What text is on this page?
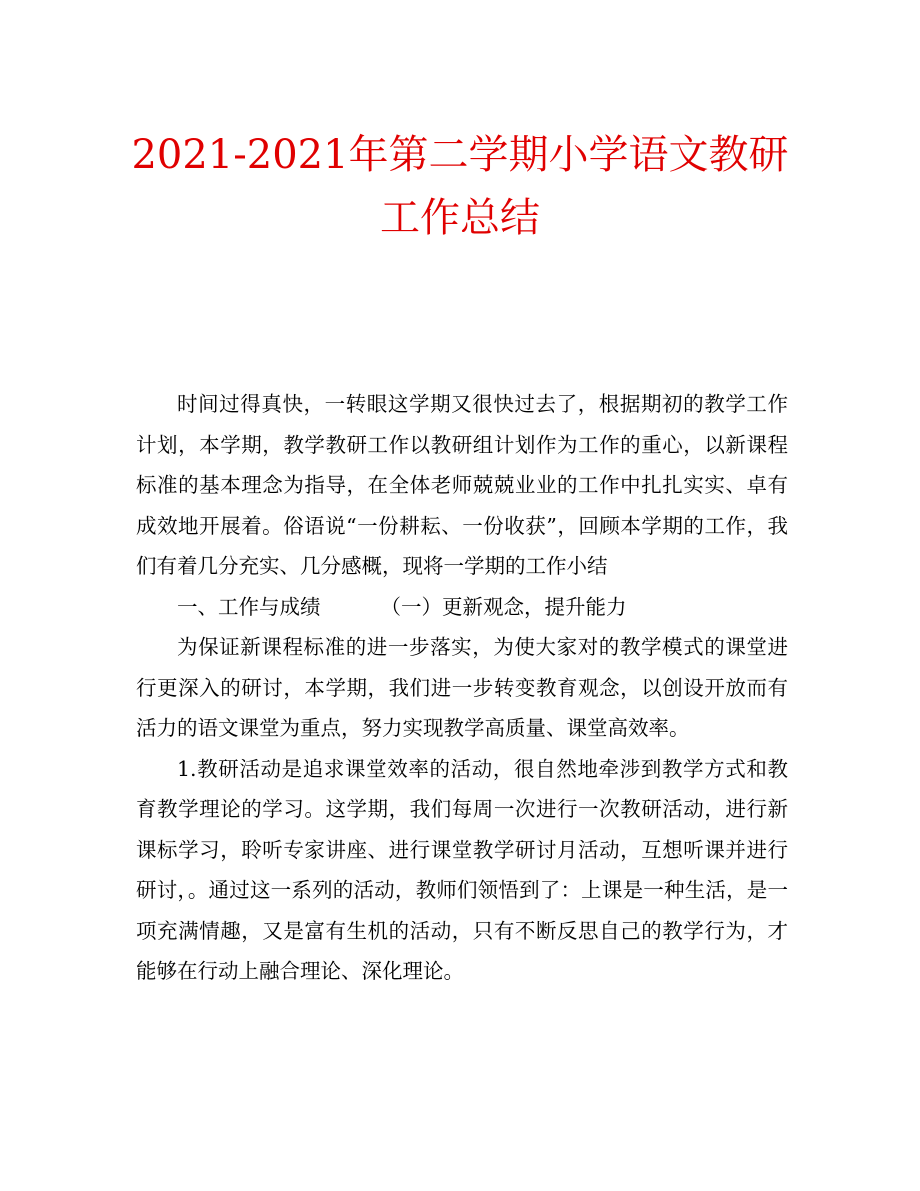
2021-2021年第二学期小学语文教研
工作总结

时间过得真快，一转眼这学期又很快过去了，根据期初的教学工作计划，本学期，教学教研工作以教研组计划作为工作的重心，以新课程标准的基本理念为指导，在全体老师兢兢业业的工作中扎扎实实、卓有成效地开展着。俗语说“一份耕耘、一份收获”，回顾本学期的工作，我们有着几分充实、几分感概，现将一学期的工作小结

一、工作与成绩	（一）更新观念，提升能力

为保证新课程标准的进一步落实，为使大家对的教学模式的课堂进行更深入的研讨，本学期，我们进一步转变教育观念，以创设开放而有活力的语文课堂为重点，努力实现教学高质量、课堂高效率。

1.教研活动是追求课堂效率的活动，很自然地牵涉到教学方式和教育教学理论的学习。这学期，我们每周一次进行一次教研活动，进行新课标学习，聆听专家讲座、进行课堂教学研讨月活动，互想听课并进行研讨，。通过这一系列的活动，教师们领悟到了：上课是一种生活，是一项充满情趣，又是富有生机的活动，只有不断反思自己的教学行为，才能够在行动上融合理论、深化理论。
